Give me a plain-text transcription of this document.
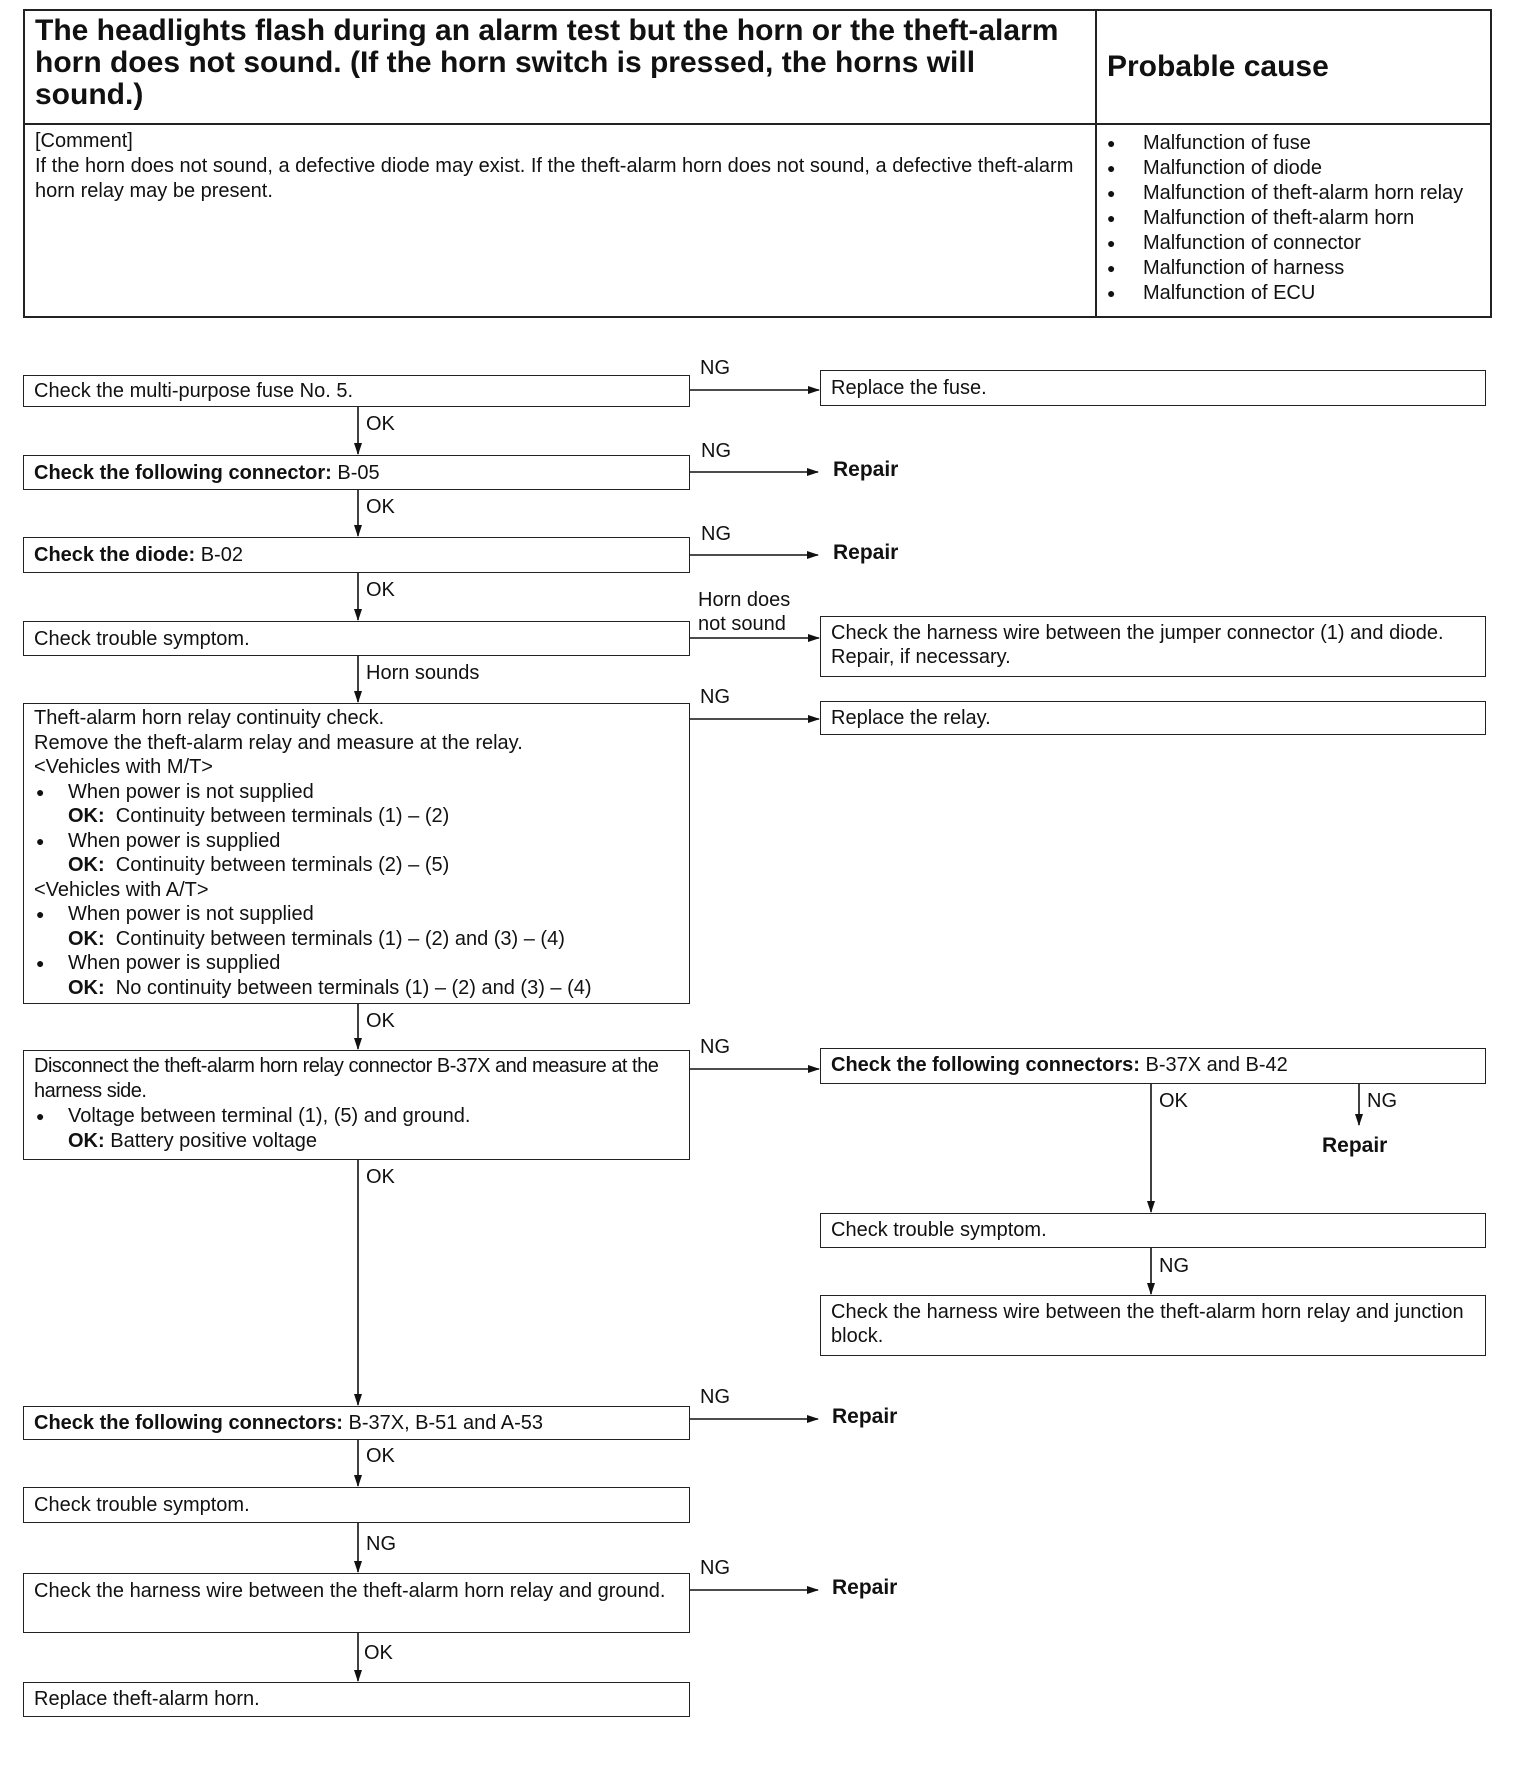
The headlights flash during an alarm test but the horn or the theft-alarm horn does not sound. (If the horn switch is pressed, the horns will sound.)	Probable cause

[Comment]
If the horn does not sound, a defective diode may exist. If the theft-alarm horn does not sound, a defective theft-alarm horn relay may be present.

● Malfunction of fuse
● Malfunction of diode
● Malfunction of theft-alarm horn relay
● Malfunction of theft-alarm horn
● Malfunction of connector
● Malfunction of harness
● Malfunction of ECU
Check the multi-purpose fuse No. 5.
Check the following connector: B-05
Check the diode: B-02
Check trouble symptom.
Theft-alarm horn relay continuity check.
Remove the theft-alarm relay and measure at the relay.
<Vehicles with M/T>
● When power is not supplied
OK: Continuity between terminals (1) – (2)
● When power is supplied
OK: Continuity between terminals (2) – (5)
<Vehicles with A/T>
● When power is not supplied
OK: Continuity between terminals (1) – (2) and (3) – (4)
● When power is supplied
OK: No continuity between terminals (1) – (2) and (3) – (4)
Disconnect the theft-alarm horn relay connector B-37X and measure at the harness side.
● Voltage between terminal (1), (5) and ground.
OK: Battery positive voltage
Check the following connectors: B-37X, B-51 and A-53
Check trouble symptom.
Check the harness wire between the theft-alarm horn relay and ground.
Replace theft-alarm horn.
Replace the fuse.
Check the harness wire between the jumper connector (1) and diode. Repair, if necessary.
Replace the relay.
Check the following connectors: B-37X and B-42
Check trouble symptom.
Check the harness wire between the theft-alarm horn relay and junction block.
Repair
Repair
Repair
Repair
Repair
OK
OK
OK
Horn sounds
OK
OK
OK
NG
OK
NG
NG
NG
Horn does
not sound
NG
NG
NG
NG
OK	NG
NG
